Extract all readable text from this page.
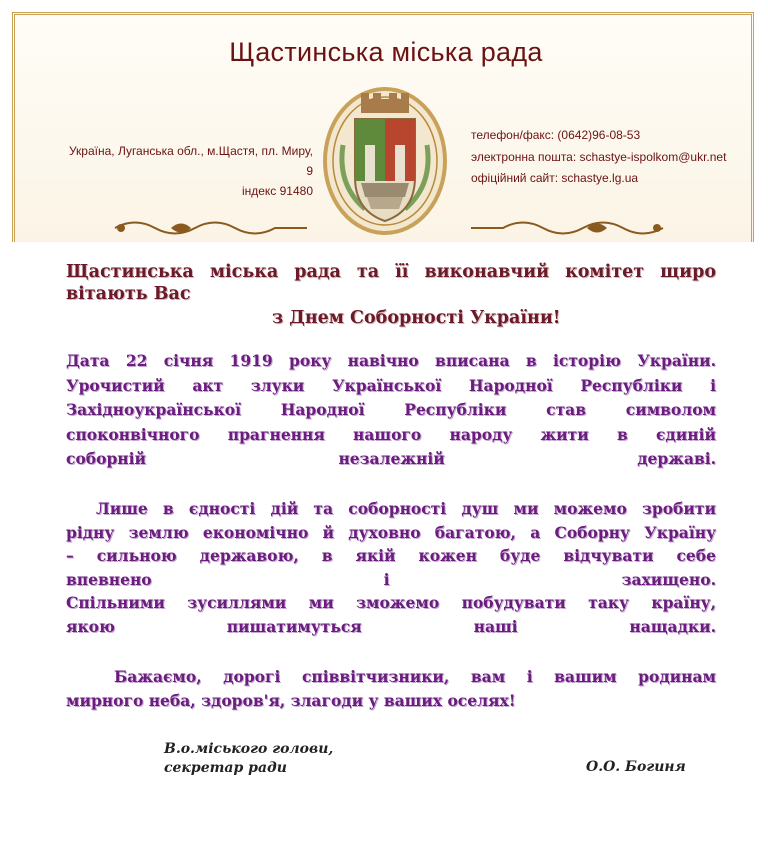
Щастинська міська рада
Україна, Луганська обл., м.Щастя, пл. Миру, 9
індекс 91480
телефон/факс: (0642)96-08-53
электронна пошта: schastye-ispolkom@ukr.net
офіційний сайт: schastye.lg.ua
Щастинська міська рада та її виконавчий комітет щиро
вітають Вас
з Днем Соборності України!
Дата 22 січня 1919 року навічно вписана в історію України.
Урочистий акт злуки Української Народної Республіки і
Західноукраїнської Народної Республіки став символом
споконвічного прагнення нашого народу жити в єдиній
соборній незалежній державі.
Лише в єдності дій та соборності душ ми можемо зробити
рідну землю економічно й духовно багатою, а Соборну Україну
– сильною державою, в якій кожен буде відчувати себе
впевнено і захищено.
Спільними зусиллями ми зможемо побудувати таку країну,
якою пишатимуться наші нащадки.
Бажаємо, дорогі співвітчизники, вам і вашим родинам
мирного неба, здоров'я, злагоди у ваших оселях!
В.о.міського голови,
секретар ради	О.О. Богиня
